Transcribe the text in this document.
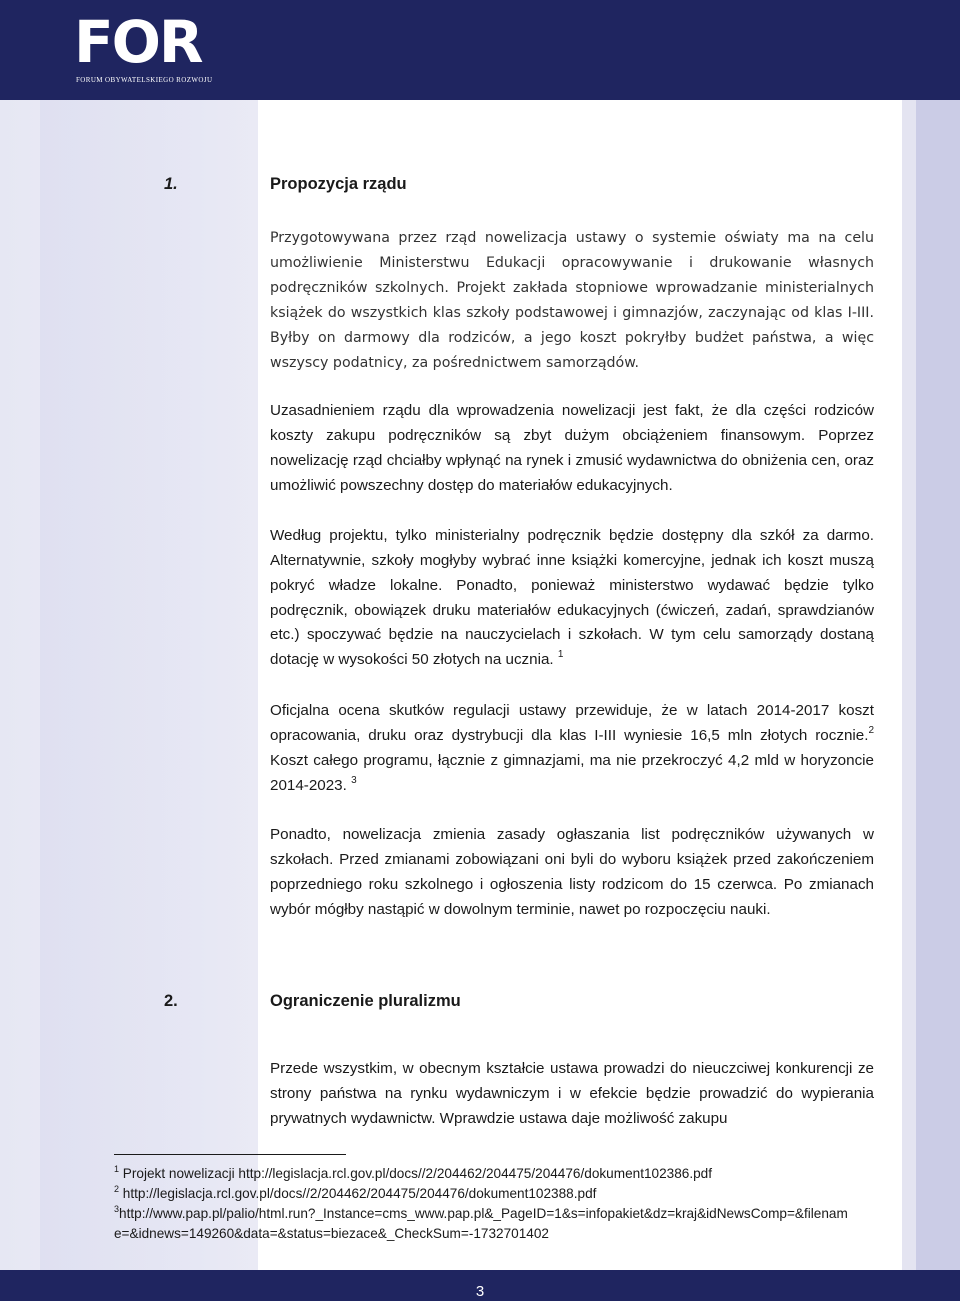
FOR
FORUM OBYWATELSKIEGO ROZWOJU
1.	Propozycja rządu

Przygotowywana przez rząd nowelizacja ustawy o systemie oświaty ma na celu umożliwienie Ministerstwu Edukacji opracowywanie i drukowanie własnych podręczników szkolnych. Projekt zakłada stopniowe wprowadzanie ministerialnych książek do wszystkich klas szkoły podstawowej i gimnazjów, zaczynając od klas I-III. Byłby on darmowy dla rodziców, a jego koszt pokryłby budżet państwa, a więc wszyscy podatnicy, za pośrednictwem samorządów.

Uzasadnieniem rządu dla wprowadzenia nowelizacji jest fakt, że dla części rodziców koszty zakupu podręczników są zbyt dużym obciążeniem finansowym. Poprzez nowelizację rząd chciałby wpłynąć na rynek i zmusić wydawnictwa do obniżenia cen, oraz umożliwić powszechny dostęp do materiałów edukacyjnych.

Według projektu, tylko ministerialny podręcznik będzie dostępny dla szkół za darmo. Alternatywnie, szkoły mogłyby wybrać inne książki komercyjne, jednak ich koszt muszą pokryć władze lokalne. Ponadto, ponieważ ministerstwo wydawać będzie tylko podręcznik, obowiązek druku materiałów edukacyjnych (ćwiczeń, zadań, sprawdzianów etc.) spoczywać będzie na nauczycielach i szkołach. W tym celu samorządy dostaną dotację w wysokości 50 złotych na ucznia. $^1$

Oficjalna ocena skutków regulacji ustawy przewiduje, że w latach 2014-2017 koszt opracowania, druku oraz dystrybucji dla klas I-III wyniesie 16,5 mln złotych rocznie.$^2$ Koszt całego programu, łącznie z gimnazjami, ma nie przekroczyć 4,2 mld w horyzoncie 2014-2023. $^3$

Ponadto, nowelizacja zmienia zasady ogłaszania list podręczników używanych w szkołach. Przed zmianami zobowiązani oni byli do wyboru książek przed zakończeniem poprzedniego roku szkolnego i ogłoszenia listy rodzicom do 15 czerwca. Po zmianach wybór mógłby nastąpić w dowolnym terminie, nawet po rozpoczęciu nauki.

2.	Ograniczenie pluralizmu

Przede wszystkim, w obecnym kształcie ustawa prowadzi do nieuczciwej konkurencji ze strony państwa na rynku wydawniczym i w efekcie będzie prowadzić do wypierania prywatnych wydawnictw. Wprawdzie ustawa daje możliwość zakupu

$^1$ Projekt nowelizacji http://legislacja.rcl.gov.pl/docs//2/204462/204475/204476/dokument102386.pdf
$^2$ http://legislacja.rcl.gov.pl/docs//2/204462/204475/204476/dokument102388.pdf
$^3$http://www.pap.pl/palio/html.run?_Instance=cms_www.pap.pl&_PageID=1&s=infopakiet&dz=kraj&idNewsComp=&filename=&idnews=149260&data=&status=biezace&_CheckSum=-1732701402
3
